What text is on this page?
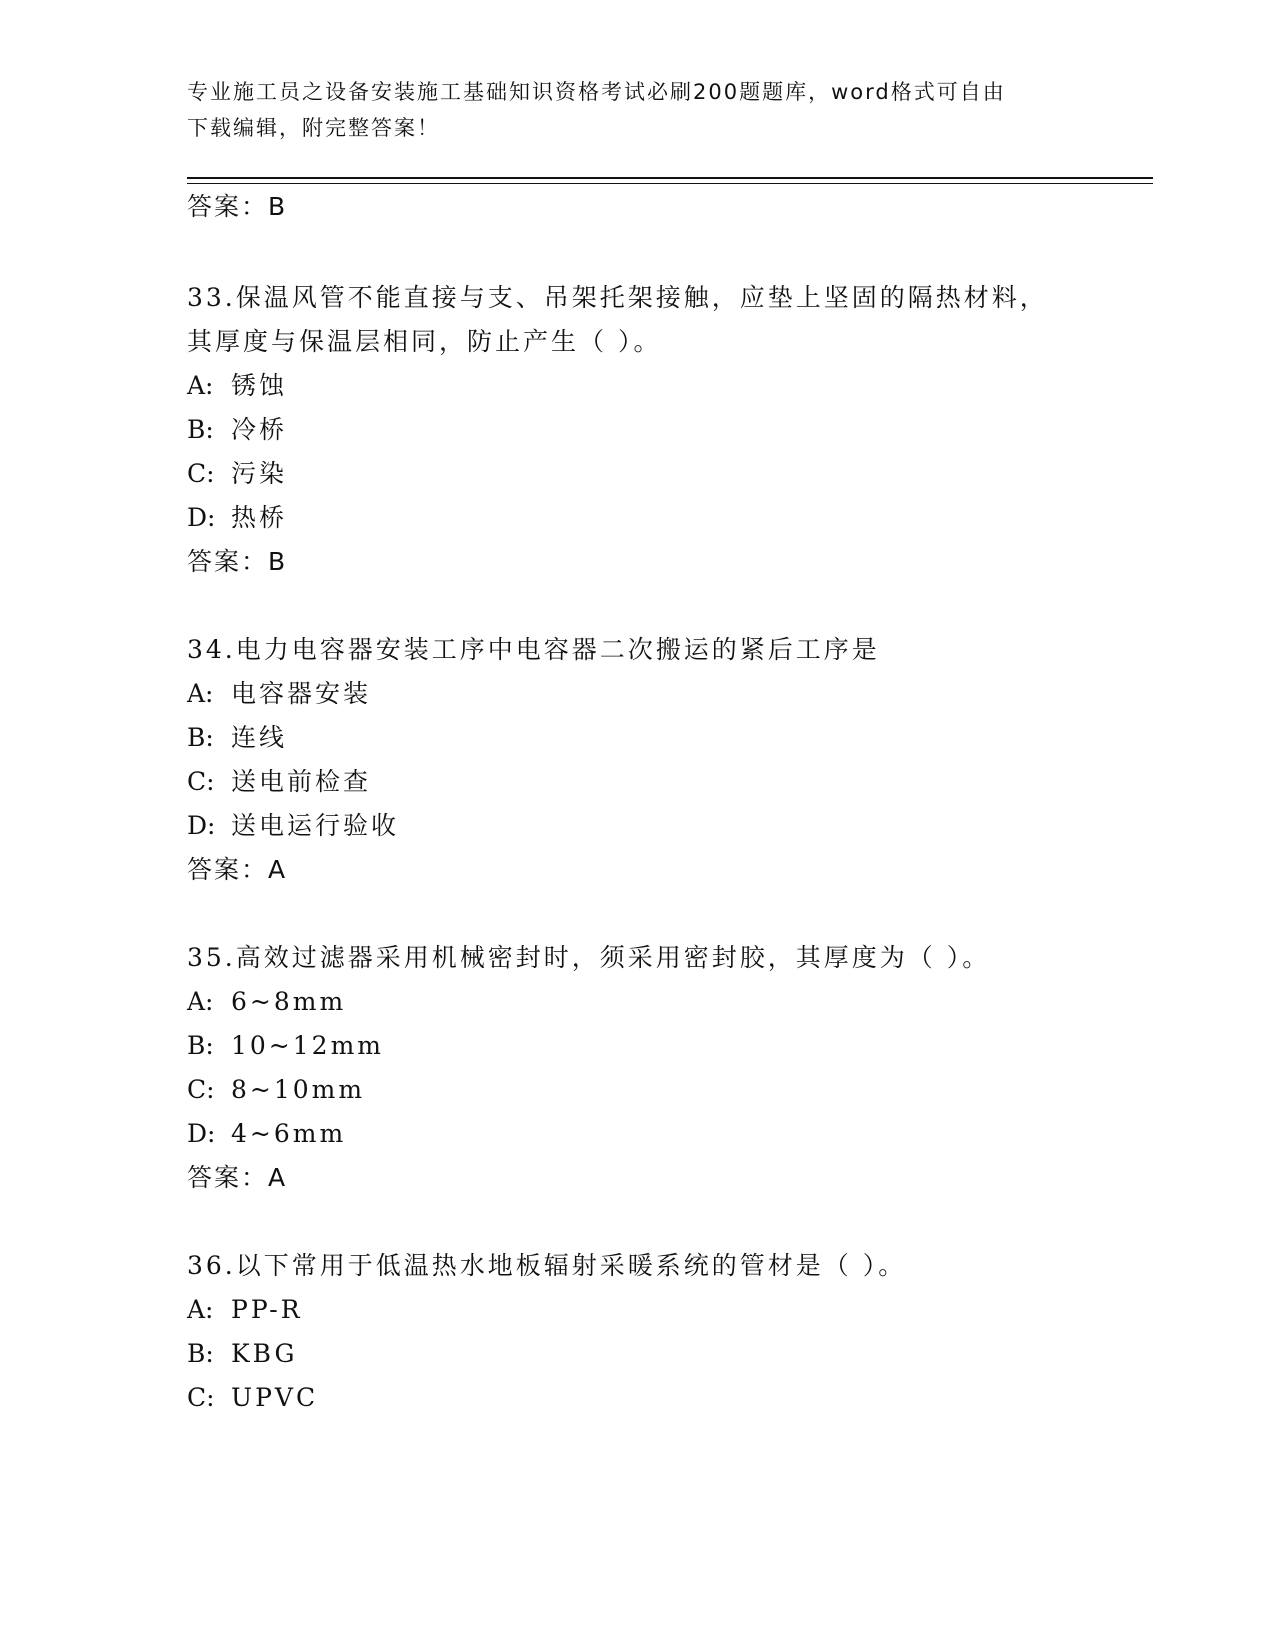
专业施工员之设备安装施工基础知识资格考试必刷200题题库，word格式可自由
下载编辑，附完整答案！
答案：B
33.保温风管不能直接与支、吊架托架接触，应垫上坚固的隔热材料，
其厚度与保温层相同，防止产生（ ）。
A: 锈蚀
B: 冷桥
C: 污染
D: 热桥
答案：B
34.电力电容器安装工序中电容器二次搬运的紧后工序是
A: 电容器安装
B: 连线
C: 送电前检查
D: 送电运行验收
答案：A
35.高效过滤器采用机械密封时，须采用密封胶，其厚度为（ ）。
A: 6~8mm
B: 10~12mm
C: 8~10mm
D: 4~6mm
答案：A
36.以下常用于低温热水地板辐射采暖系统的管材是（ ）。
A: PP-R
B: KBG
C: UPVC
